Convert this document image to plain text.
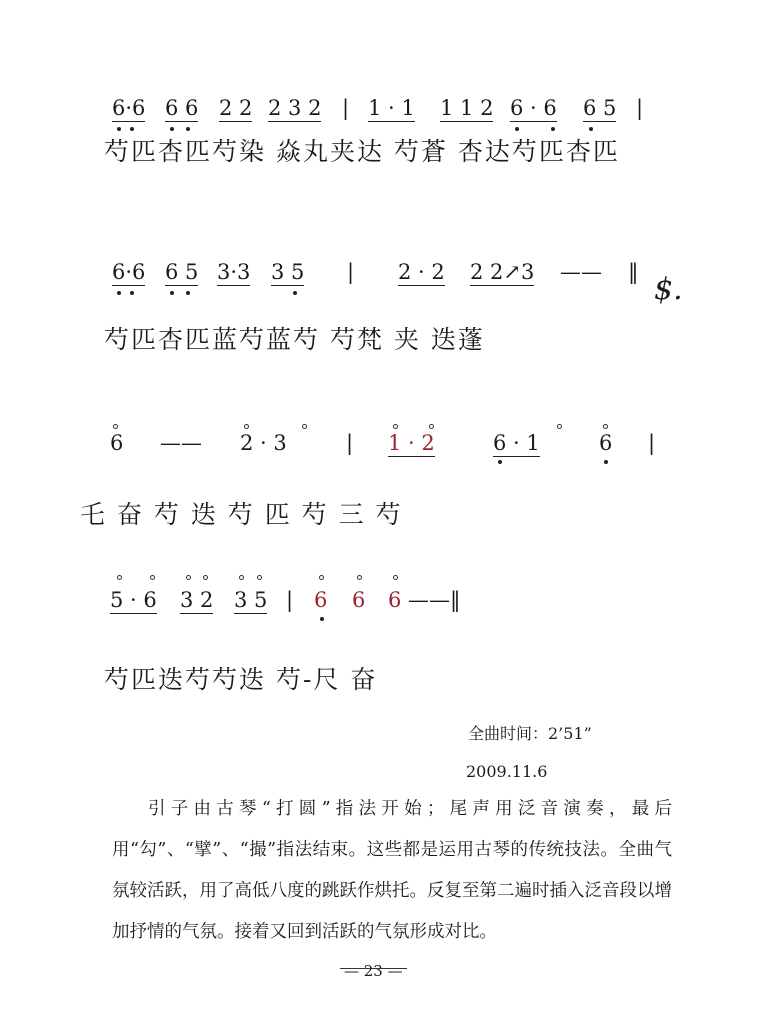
6·6 6 6 2 2 2 3 2 | 1 · 1 1 1 2 6 · 6 6 5 |
芍匹杏匹芍染 焱丸夹达 芍蒼 杏达芍匹杏匹
6·6 6 5 3·3 3 5 | 2 · 2 2 2↗3 —— ‖ $.
芍匹杏匹蓝芍蓝芍 芍梵 夹 迭蓬
6 —— 2 · 3	| 1 · 2	6 · 1	6 |
乇 奋 芍 迭 芍 匹 芍 三 芍
5 · 6 3 2 3 5 | 6 6 6 ——‖
芍匹迭芍芍迭 芍-尺 奋
全曲时间：2’51”
2009.11.6

引子由古琴“打圆”指法开始；尾声用泛音演奏，最后用“勾”、“擘”、“撮”指法结束。这些都是运用古琴的传统技法。全曲气氛较活跃，用了高低八度的跳跃作烘托。反复至第二遍时插入泛音段以增加抒情的气氛。接着又回到活跃的气氛形成对比。

— 23 —
